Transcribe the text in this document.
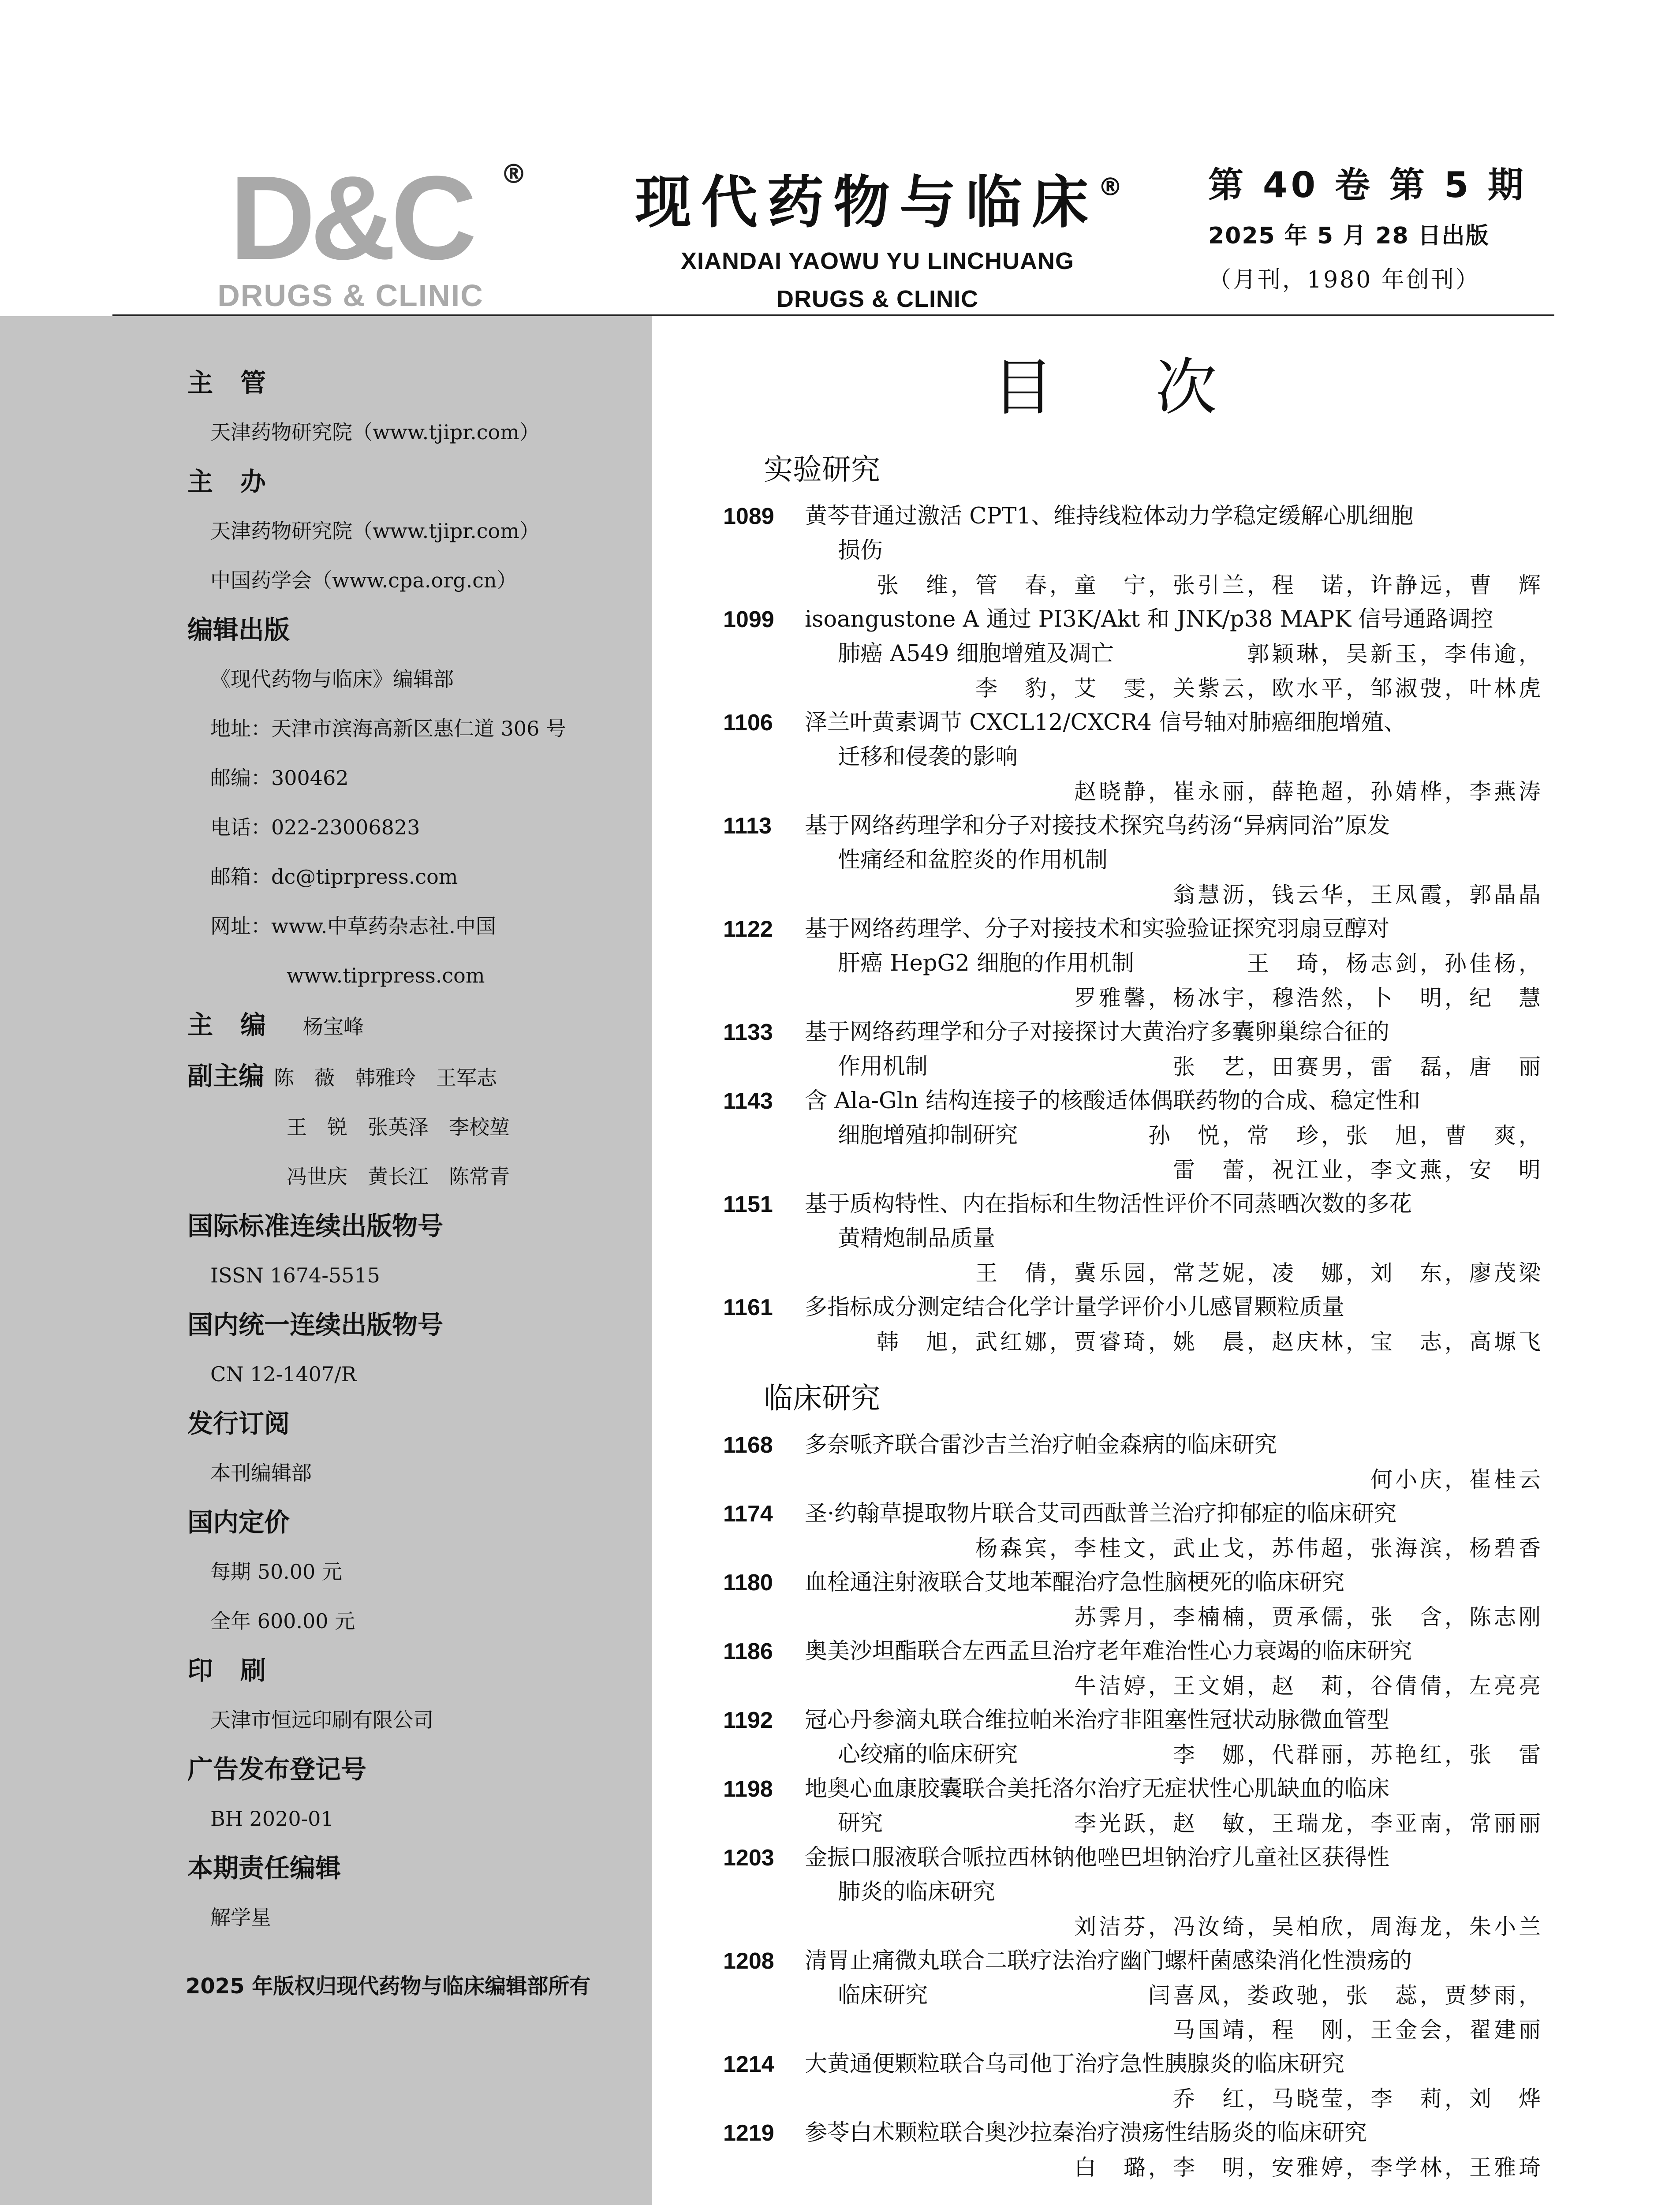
D&C	®
DRUGS & CLINIC
现代药物与临床®
XIANDAI YAOWU YU LINCHUANG
DRUGS & CLINIC
第 40 卷 第 5 期
2025 年 5 月 28 日出版
（月刊，1980 年创刊）
主管
天津药物研究院（www.tjipr.com）
主办
天津药物研究院（www.tjipr.com）
中国药学会（www.cpa.org.cn）
编辑出版
《现代药物与临床》编辑部
地址：天津市滨海高新区惠仁道 306 号
邮编：300462
电话：022-23006823
邮箱：dc@tiprpress.com
网址：www.中草药杂志社.中国
www.tiprpress.com
主编 杨宝峰
副主编 陈　薇 韩雅玲 王军志
王　锐 张英泽 李校堃
冯世庆 黄长江 陈常青
国际标准连续出版物号
ISSN 1674-5515
国内统一连续出版物号
CN 12-1407/R
发行订阅
本刊编辑部
国内定价
每期 50.00 元
全年 600.00 元
印刷
天津市恒远印刷有限公司
广告发布登记号
BH 2020-01
本期责任编辑
解学星
2025 年版权归现代药物与临床编辑部所有
目次
实验研究
1089 黄芩苷通过激活 CPT1、维持线粒体动力学稳定缓解心肌细胞
损伤
张　维，管　春，童　宁，张引兰，程　诺，许静远，曹　辉
1099 isoangustone A 通过 PI3K/Akt 和 JNK/p38 MAPK 信号通路调控
肺癌 A549 细胞增殖及凋亡	郭颖琳，吴新玉，李伟逾，
李　豹，艾　雯，关紫云，欧水平，邹淑弢，叶林虎
1106 泽兰叶黄素调节 CXCL12/CXCR4 信号轴对肺癌细胞增殖、
迁移和侵袭的影响
赵晓静，崔永丽，薛艳超，孙婧桦，李燕涛
1113 基于网络药理学和分子对接技术探究乌药汤“异病同治”原发
性痛经和盆腔炎的作用机制
翁慧沥，钱云华，王凤霞，郭晶晶
1122 基于网络药理学、分子对接技术和实验验证探究羽扇豆醇对
肝癌 HepG2 细胞的作用机制	王　琦，杨志剑，孙佳杨，
罗雅馨，杨冰宇，穆浩然，卜　明，纪　慧
1133 基于网络药理学和分子对接探讨大黄治疗多囊卵巢综合征的
作用机制	张　艺，田赛男，雷　磊，唐　丽
1143 含 Ala-Gln 结构连接子的核酸适体偶联药物的合成、稳定性和
细胞增殖抑制研究	孙　悦，常　珍，张　旭，曹　爽，
雷　蕾，祝江业，李文燕，安　明
1151 基于质构特性、内在指标和生物活性评价不同蒸晒次数的多花
黄精炮制品质量
王　倩，冀乐园，常芝妮，凌　娜，刘　东，廖茂梁
1161 多指标成分测定结合化学计量学评价小儿感冒颗粒质量
韩　旭，武红娜，贾睿琦，姚　晨，赵庆林，宝　志，高塬飞
临床研究
1168 多奈哌齐联合雷沙吉兰治疗帕金森病的临床研究
何小庆，崔桂云
1174 圣·约翰草提取物片联合艾司西酞普兰治疗抑郁症的临床研究
杨森宾，李桂文，武止戈，苏伟超，张海滨，杨碧香
1180 血栓通注射液联合艾地苯醌治疗急性脑梗死的临床研究
苏霁月，李楠楠，贾承儒，张　含，陈志刚
1186 奥美沙坦酯联合左西孟旦治疗老年难治性心力衰竭的临床研究
牛洁婷，王文娟，赵　莉，谷倩倩，左亮亮
1192 冠心丹参滴丸联合维拉帕米治疗非阻塞性冠状动脉微血管型
心绞痛的临床研究	李　娜，代群丽，苏艳红，张　雷
1198 地奥心血康胶囊联合美托洛尔治疗无症状性心肌缺血的临床
研究	李光跃，赵　敏，王瑞龙，李亚南，常丽丽
1203 金振口服液联合哌拉西林钠他唑巴坦钠治疗儿童社区获得性
肺炎的临床研究
刘洁芬，冯汝绮，吴柏欣，周海龙，朱小兰
1208 清胃止痛微丸联合二联疗法治疗幽门螺杆菌感染消化性溃疡的
临床研究	闫喜凤，娄政驰，张　蕊，贾梦雨，
马国靖，程　刚，王金会，翟建丽
1214 大黄通便颗粒联合乌司他丁治疗急性胰腺炎的临床研究
乔　红，马晓莹，李　莉，刘　烨
1219 参苓白术颗粒联合奥沙拉秦治疗溃疡性结肠炎的临床研究
白　璐，李　明，安雅婷，李学林，王雅琦
